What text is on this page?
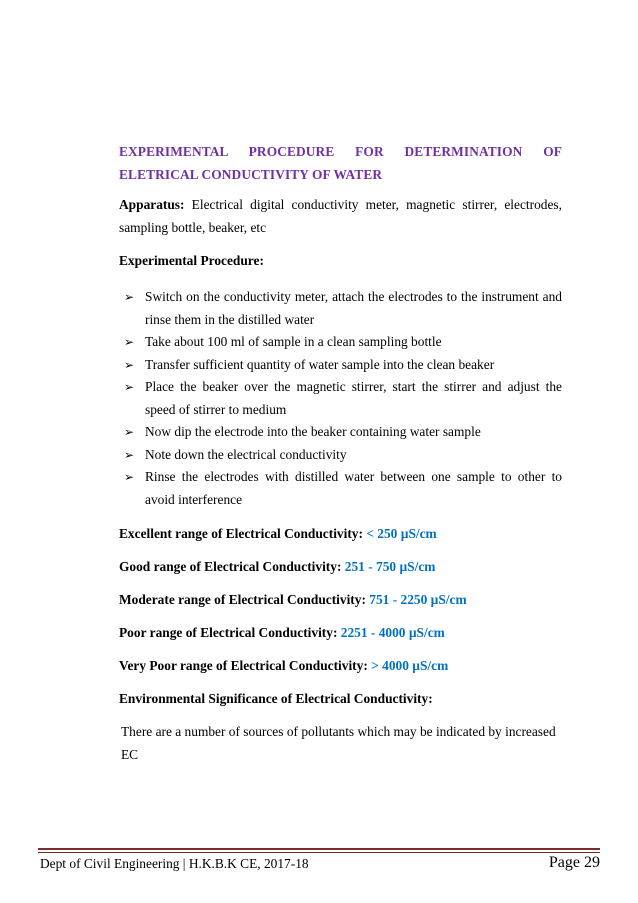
EXPERIMENTAL PROCEDURE FOR DETERMINATION OF ELETRICAL CONDUCTIVITY OF WATER
Apparatus: Electrical digital conductivity meter, magnetic stirrer, electrodes, sampling bottle, beaker, etc
Experimental Procedure:
➢ Switch on the conductivity meter, attach the electrodes to the instrument and rinse them in the distilled water
➢ Take about 100 ml of sample in a clean sampling bottle
➢ Transfer sufficient quantity of water sample into the clean beaker
➢ Place the beaker over the magnetic stirrer, start the stirrer and adjust the speed of stirrer to medium
➢ Now dip the electrode into the beaker containing water sample
➢ Note down the electrical conductivity
➢ Rinse the electrodes with distilled water between one sample to other to avoid interference
Excellent range of Electrical Conductivity: < 250 µS/cm
Good range of Electrical Conductivity: 251 - 750 µS/cm
Moderate range of Electrical Conductivity: 751 - 2250 µS/cm
Poor range of Electrical Conductivity: 2251 - 4000 µS/cm
Very Poor range of Electrical Conductivity: > 4000 µS/cm
Environmental Significance of Electrical Conductivity:
There are a number of sources of pollutants which may be indicated by increased EC
Dept of Civil Engineering | H.K.B.K CE, 2017-18	Page 29
